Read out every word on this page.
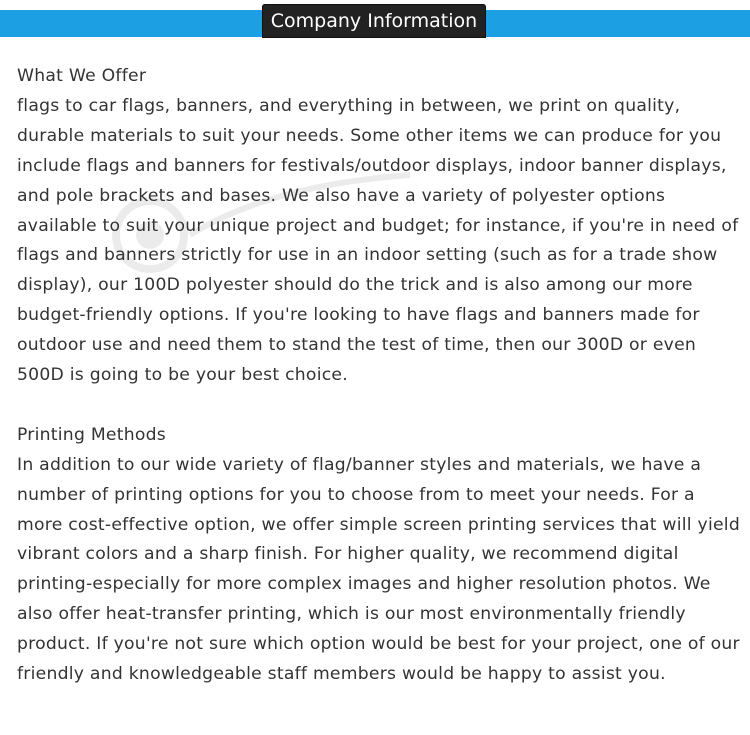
Company Information
What We Offer

flags to car flags, banners, and everything in between, we print on quality, durable materials to suit your needs. Some other items we can produce for you include flags and banners for festivals/outdoor displays, indoor banner displays, and pole brackets and bases. We also have a variety of polyester options available to suit your unique project and budget; for instance, if you're in need of flags and banners strictly for use in an indoor setting (such as for a trade show display), our 100D polyester should do the trick and is also among our more budget-friendly options. If you're looking to have flags and banners made for outdoor use and need them to stand the test of time, then our 300D or even 500D is going to be your best choice.

Printing Methods

In addition to our wide variety of flag/banner styles and materials, we have a number of printing options for you to choose from to meet your needs. For a more cost-effective option, we offer simple screen printing services that will yield vibrant colors and a sharp finish. For higher quality, we recommend digital printing-especially for more complex images and higher resolution photos. We also offer heat-transfer printing, which is our most environmentally friendly product. If you're not sure which option would be best for your project, one of our friendly and knowledgeable staff members would be happy to assist you.
